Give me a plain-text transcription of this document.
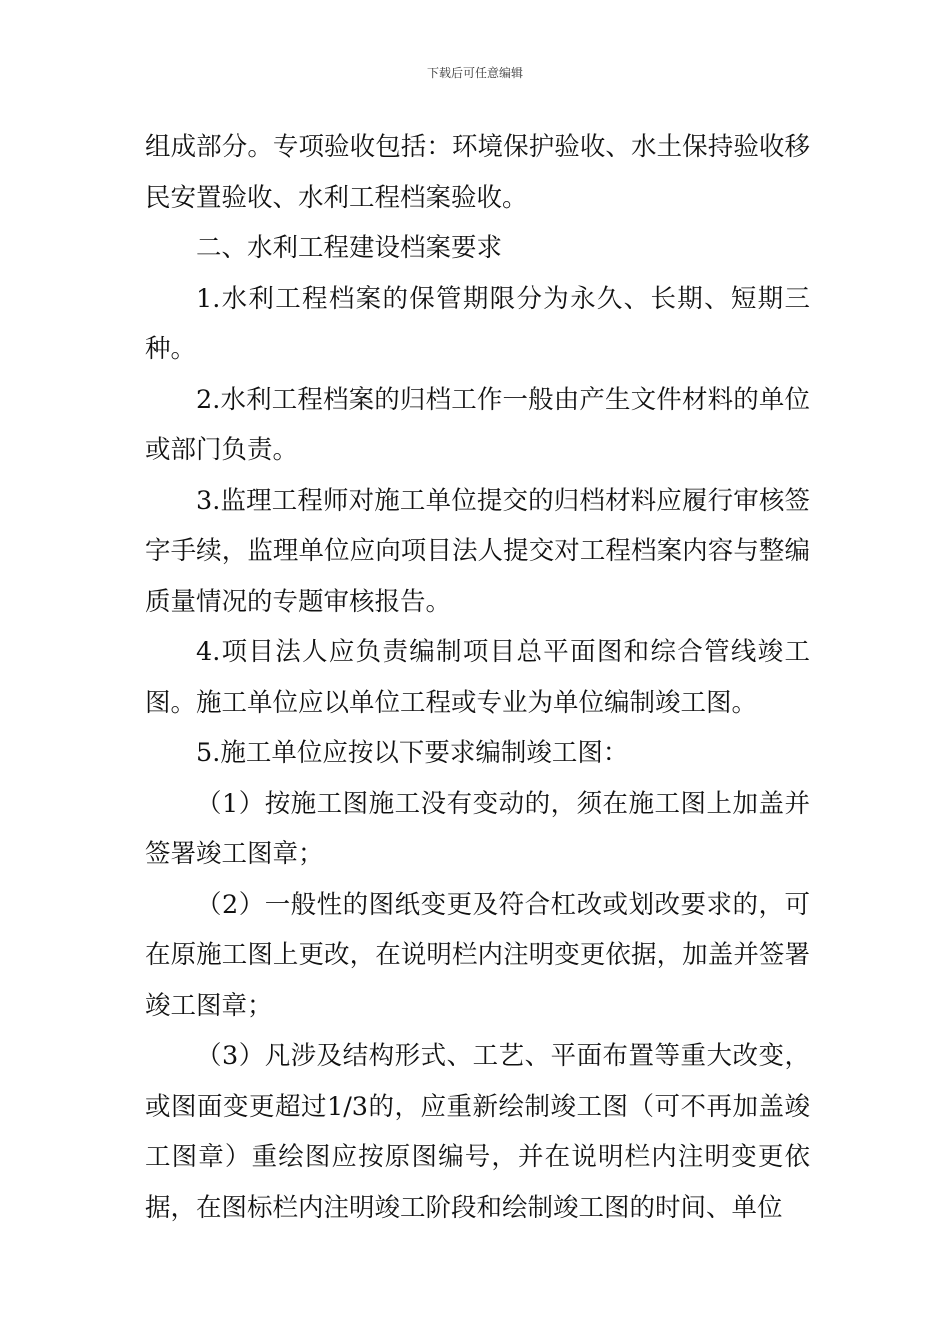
下载后可任意编辑

组成部分。专项验收包括：环境保护验收、水土保持验收移民安置验收、水利工程档案验收。

二、水利工程建设档案要求

1.水利工程档案的保管期限分为永久、长期、短期三种。

2.水利工程档案的归档工作一般由产生文件材料的单位或部门负责。

3.监理工程师对施工单位提交的归档材料应履行审核签字手续，监理单位应向项目法人提交对工程档案内容与整编质量情况的专题审核报告。

4.项目法人应负责编制项目总平面图和综合管线竣工图。施工单位应以单位工程或专业为单位编制竣工图。

5.施工单位应按以下要求编制竣工图：

（1）按施工图施工没有变动的，须在施工图上加盖并签署竣工图章；

（2）一般性的图纸变更及符合杠改或划改要求的，可在原施工图上更改，在说明栏内注明变更依据，加盖并签署竣工图章；

（3）凡涉及结构形式、工艺、平面布置等重大改变，或图面变更超过1/3的，应重新绘制竣工图（可不再加盖竣工图章）重绘图应按原图编号，并在说明栏内注明变更依据，在图标栏内注明竣工阶段和绘制竣工图的时间、单位
